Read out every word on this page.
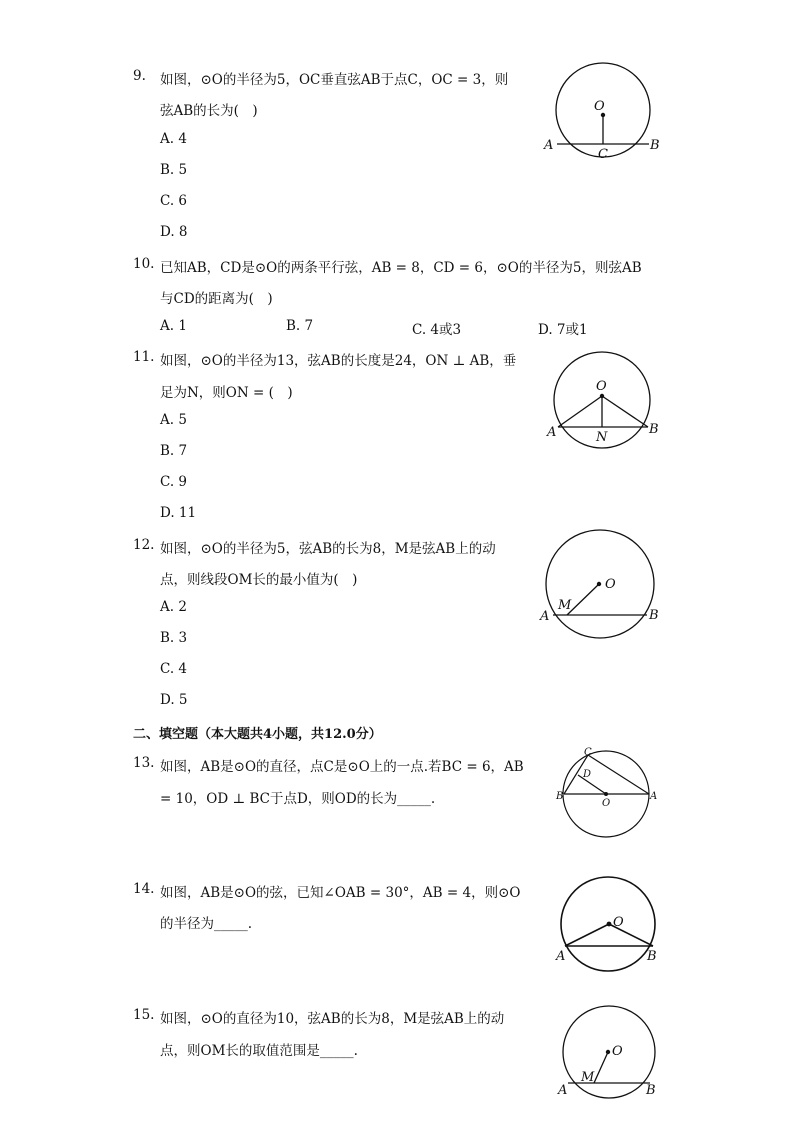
9. 如图，⊙O的半径为5，OC垂直弦AB于点C，OC = 3，则
弦AB的长为(　)
A. 4
B. 5
C. 6
D. 8
O
A	B
C
10. 已知AB，CD是⊙O的两条平行弦，AB = 8，CD = 6，⊙O的半径为5，则弦AB
与CD的距离为(　)
A. 1	B. 7	C. 4或3	D. 7或1
11. 如图，⊙O的半径为13，弦AB的长度是24，ON ⊥ AB，垂
足为N，则ON = (　)
A. 5
B. 7
C. 9
D. 11
O
A	B
N
12. 如图，⊙O的半径为5，弦AB的长为8，M是弦AB上的动
点，则线段OM长的最小值为(　)
A. 2
B. 3
C. 4
D. 5
O
A	B
M
二、填空题（本大题共4小题，共12.0分）
13. 如图，AB是⊙O的直径，点C是⊙O上的一点.若BC = 6，AB
= 10，OD ⊥ BC于点D，则OD的长为_____.
C
D
B	A
O
14. 如图，AB是⊙O的弦，已知∠OAB = 30°，AB = 4，则⊙O
的半径为_____.	O
A	B
15. 如图，⊙O的直径为10，弦AB的长为8，M是弦AB上的动
点，则OM长的取值范围是_____.	O
A	B
M
